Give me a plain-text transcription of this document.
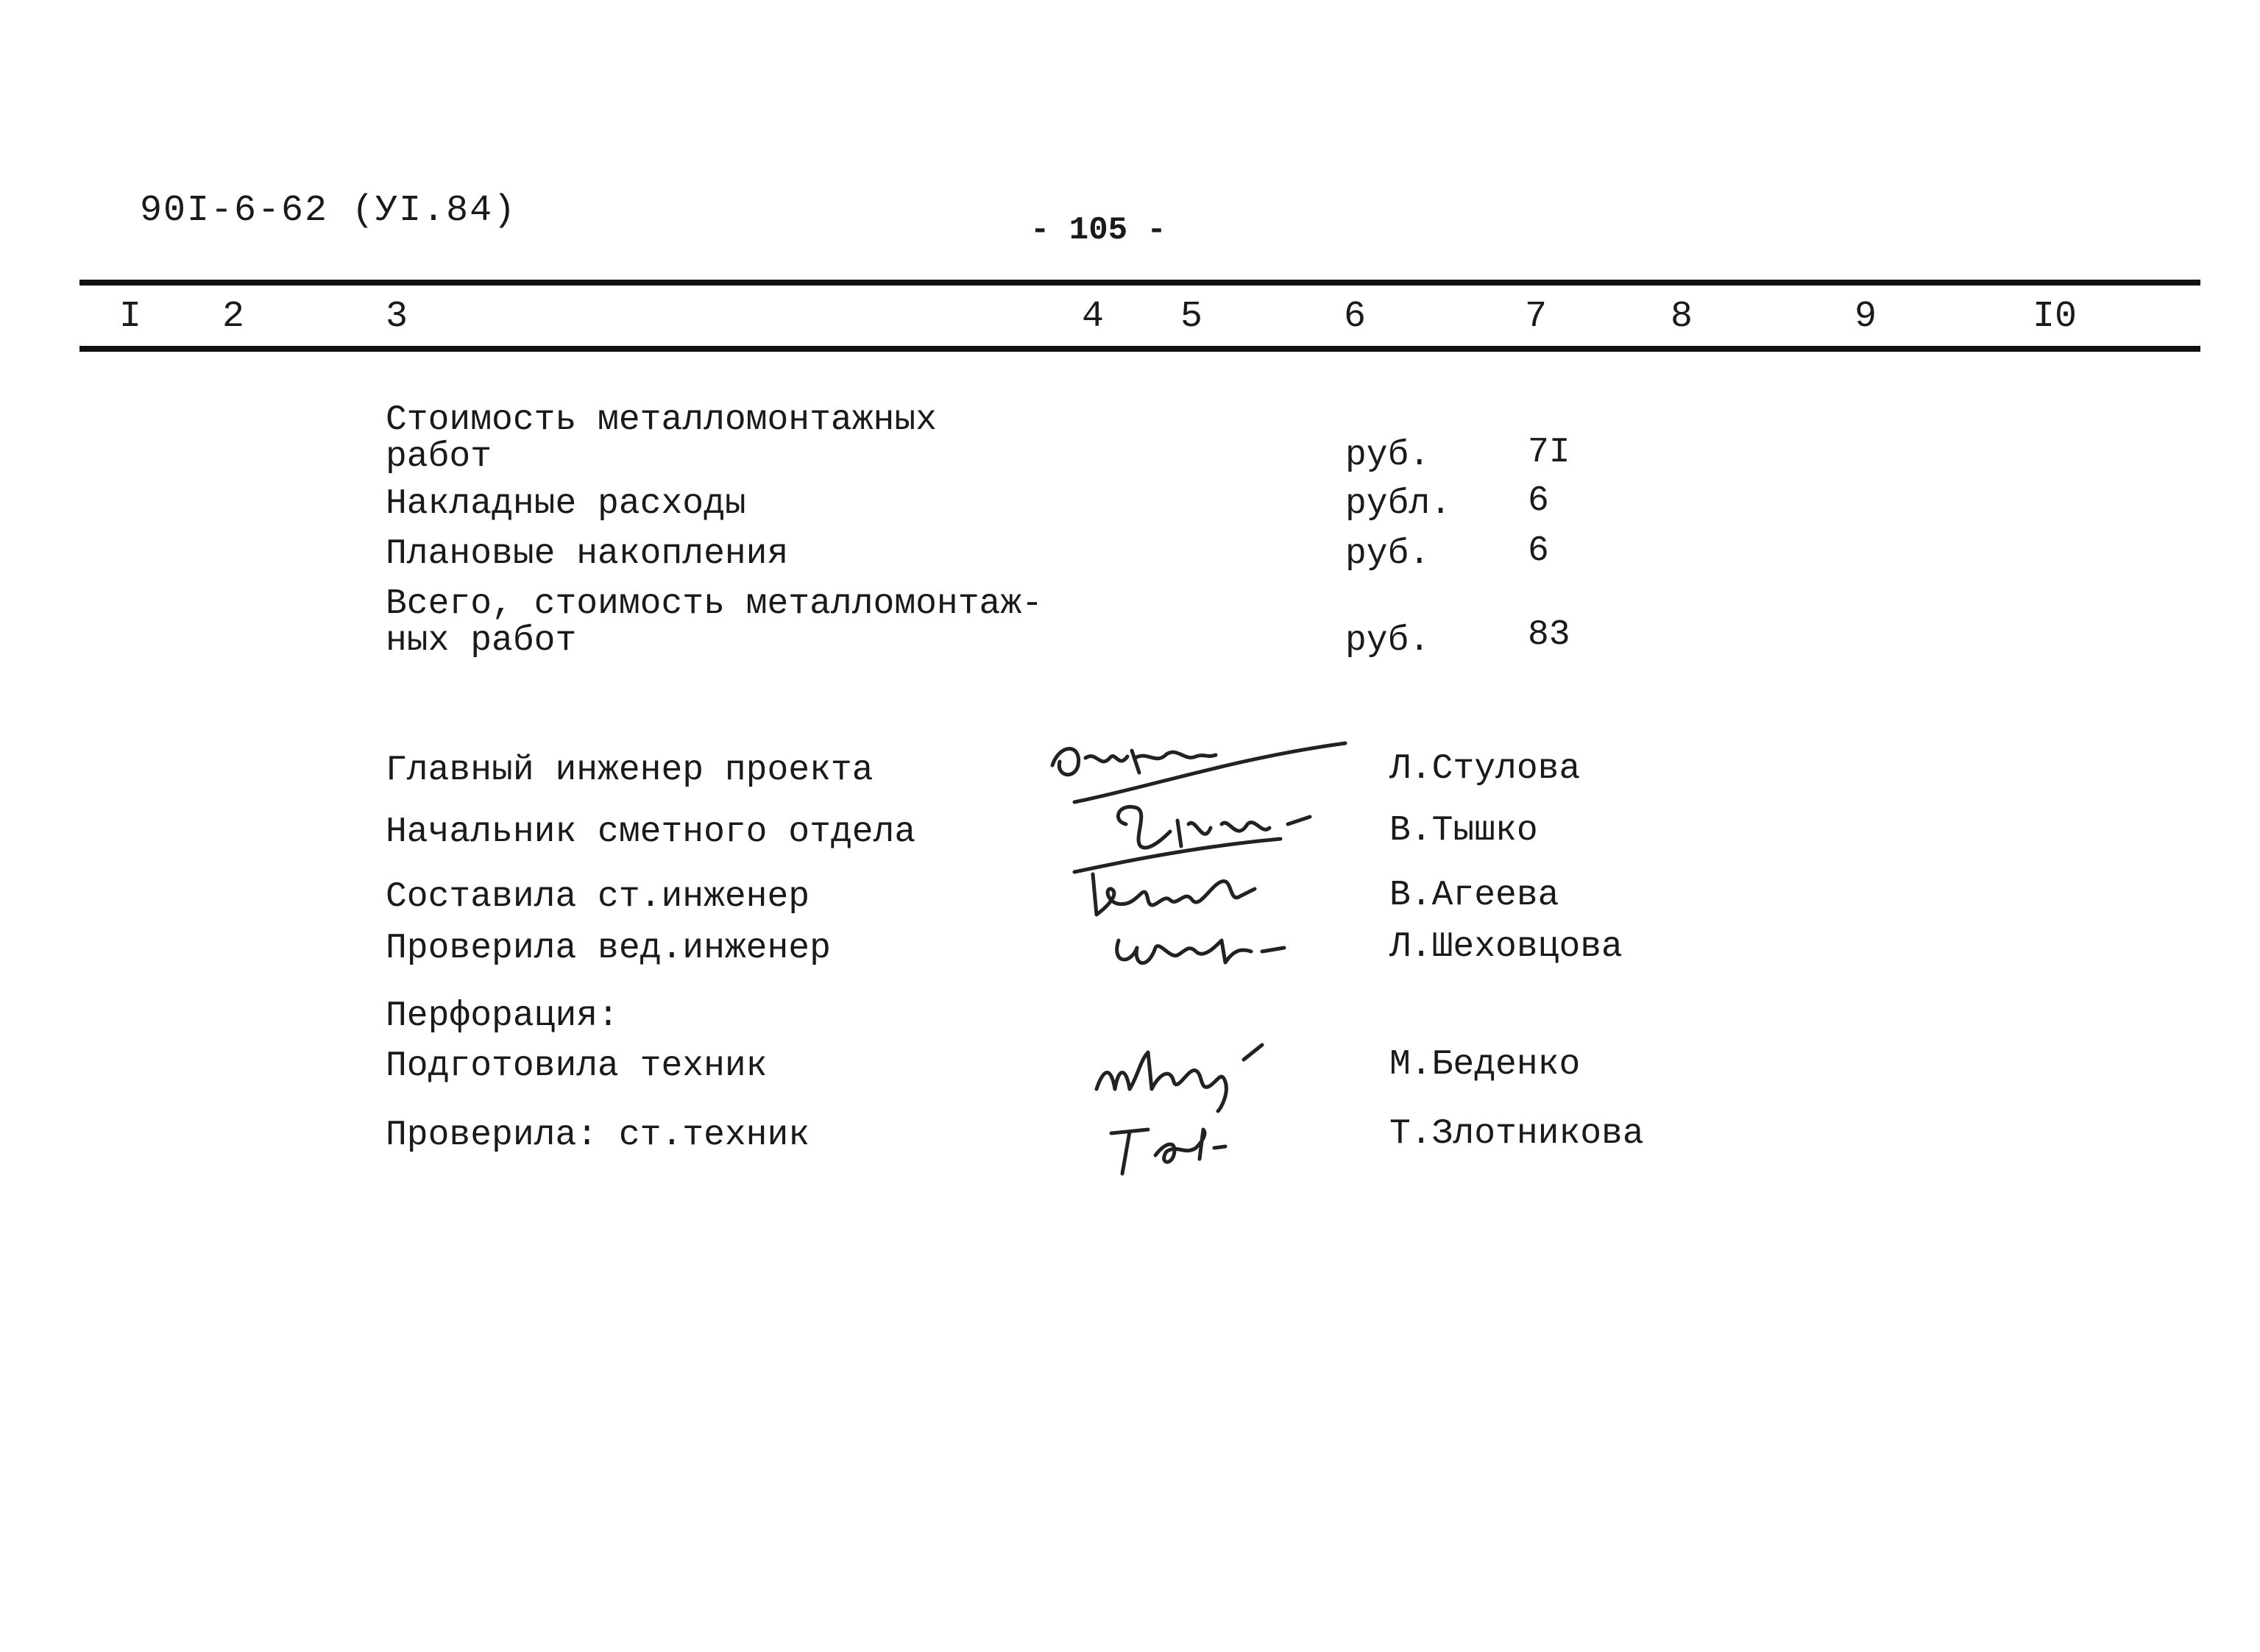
90I-6-62 (УI.84)	- 105 -
I 2	3	4 5	6	7	8	9	I0
Стоимость металломонтажных
работ	руб.	7I
Накладные расходы	рубл. 6
Плановые накопления	руб.	6
Всего, стоимость металломонтаж-
ных работ	руб.	83
Главный инженер проекта	Л.Стулова
Начальник сметного отдела	В.Тышко
Составила ст.инженер	В.Агеева
Проверила вед.инженер	Л.Шеховцова
Перфорация:
Подготовила техник	М.Беденко
Проверила: ст.техник	Т.Злотникова
